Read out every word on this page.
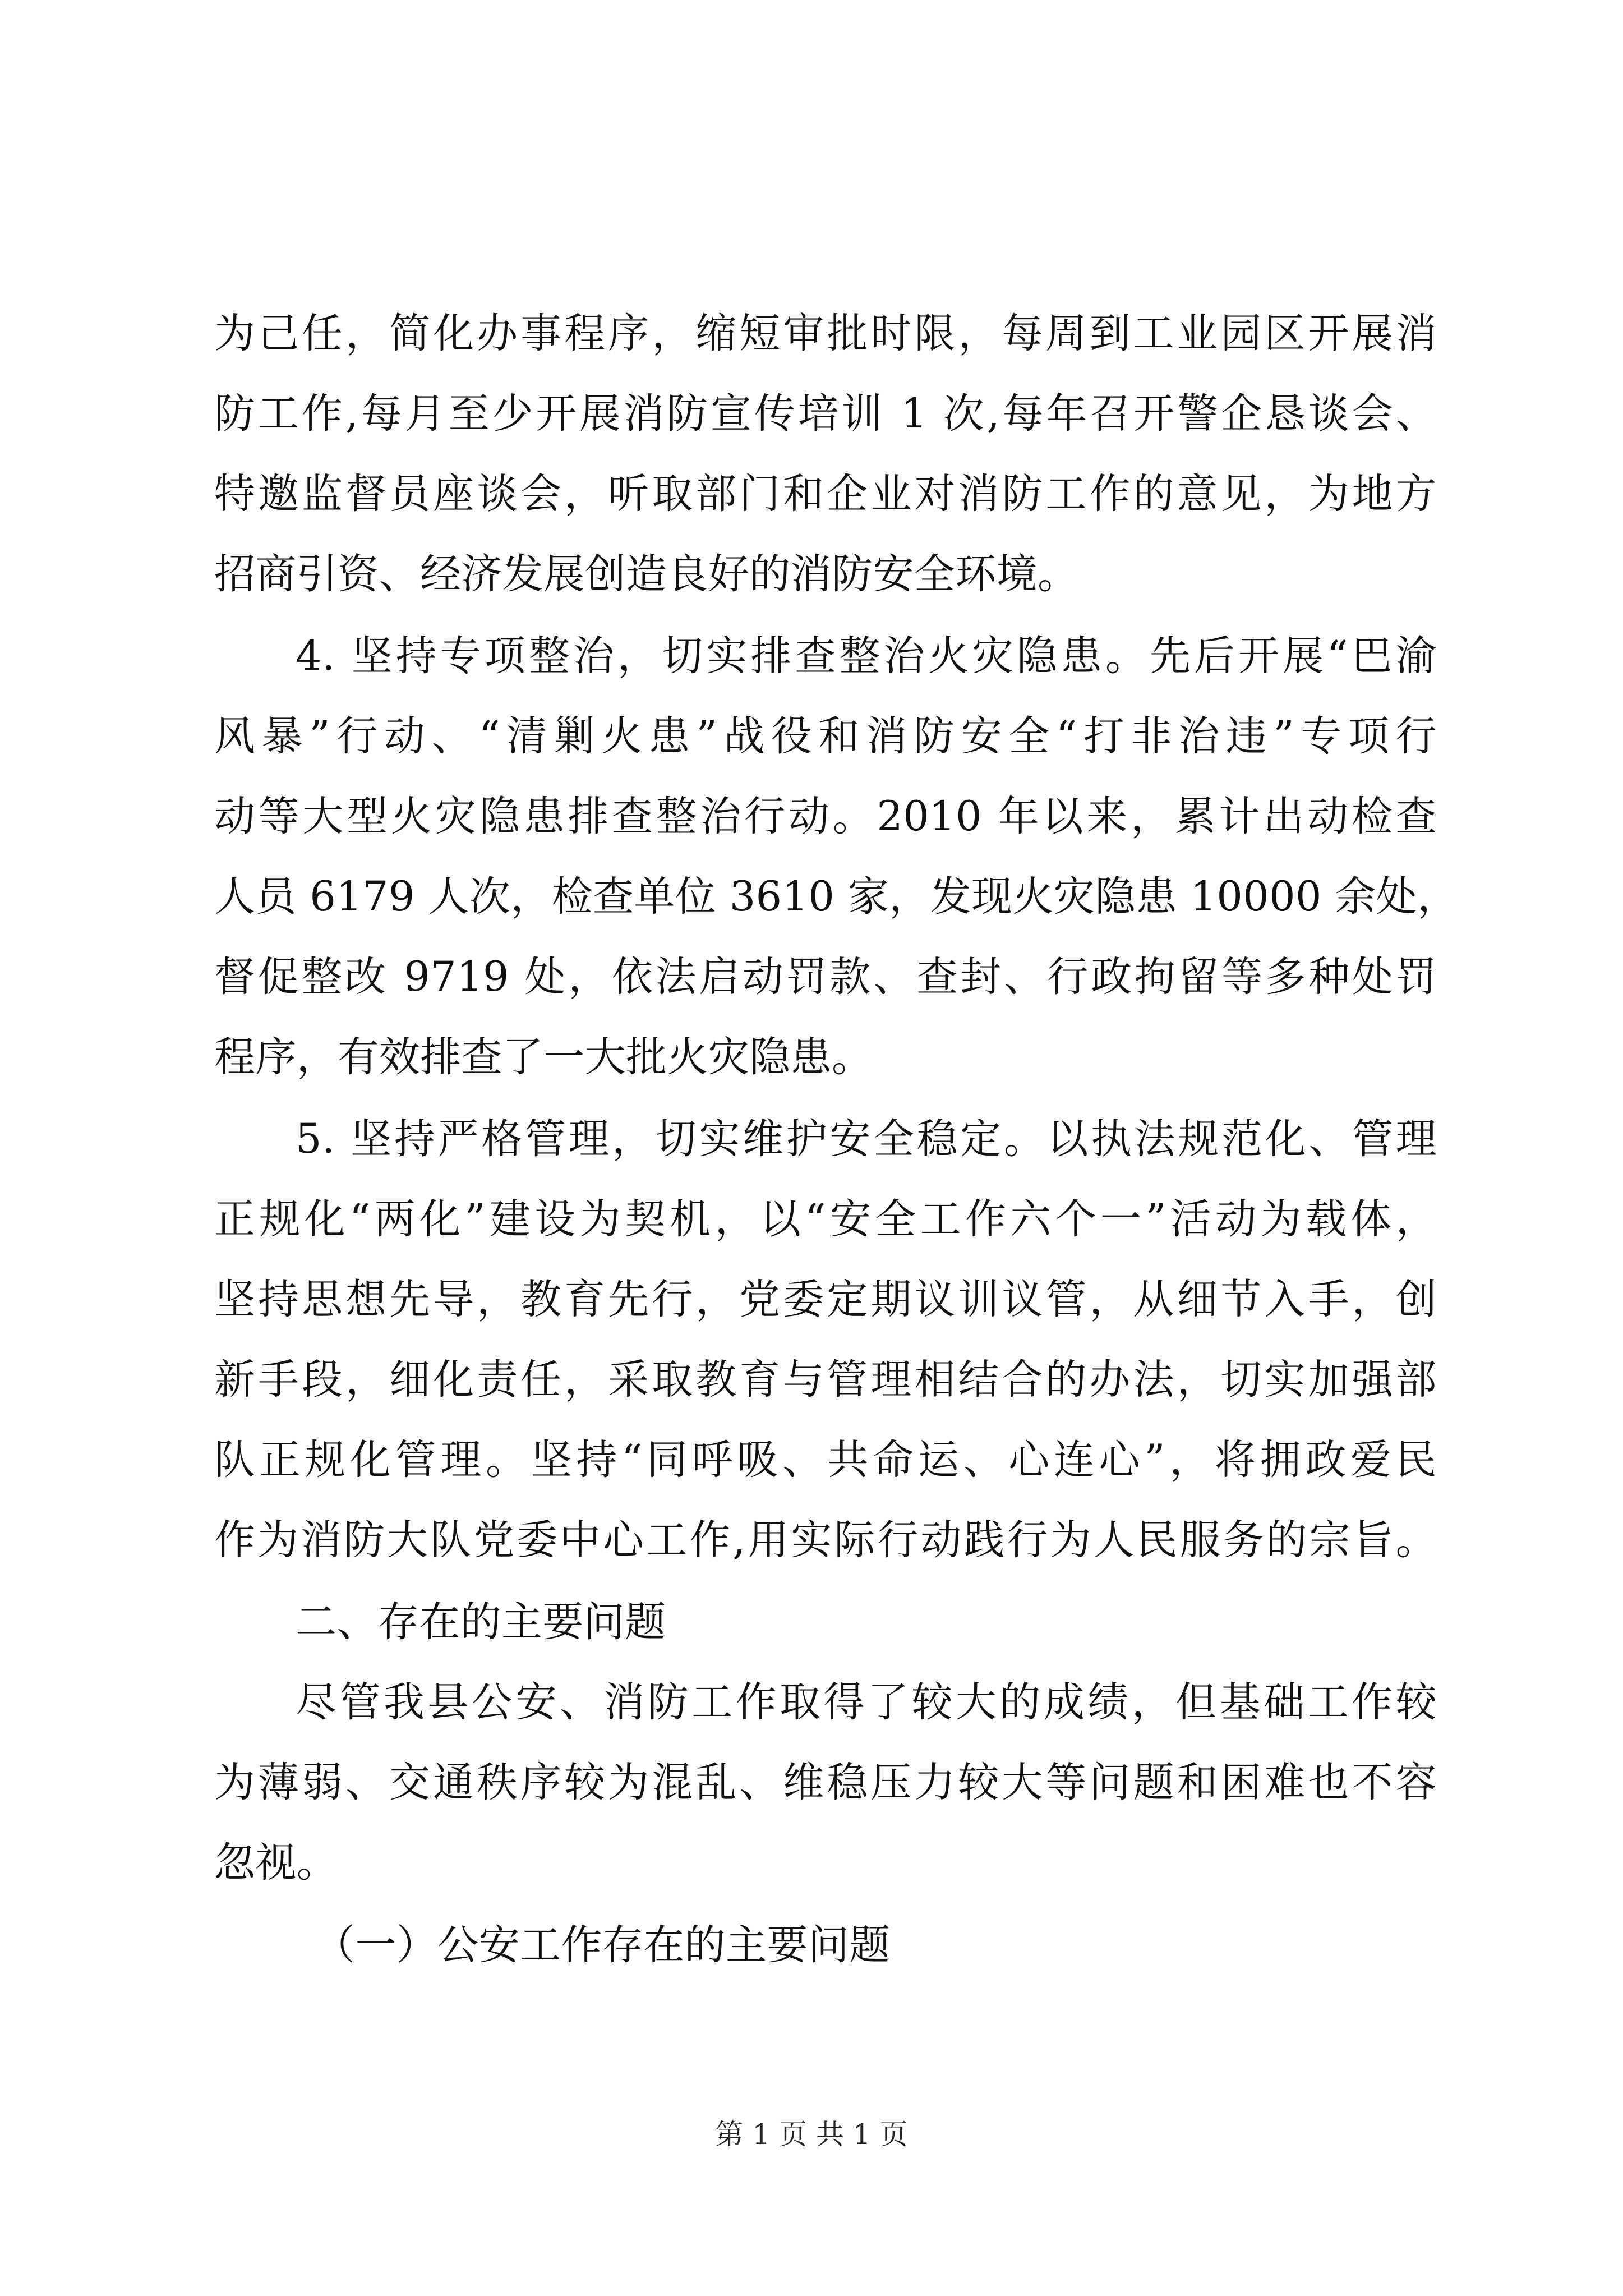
为己任，简化办事程序，缩短审批时限，每周到工业园区开展消
防工作,每月至少开展消防宣传培训 1 次,每年召开警企恳谈会、
特邀监督员座谈会，听取部门和企业对消防工作的意见，为地方
招商引资、经济发展创造良好的消防安全环境。
4. 坚持专项整治，切实排查整治火灾隐患。先后开展“巴渝
风暴”行动、“清剿火患”战役和消防安全“打非治违”专项行
动等大型火灾隐患排查整治行动。2010 年以来，累计出动检查
人员 6179 人次，检查单位 3610 家，发现火灾隐患 10000 余处，
督促整改 9719 处，依法启动罚款、查封、行政拘留等多种处罚
程序，有效排查了一大批火灾隐患。
5. 坚持严格管理，切实维护安全稳定。以执法规范化、管理
正规化“两化”建设为契机，以“安全工作六个一”活动为载体，
坚持思想先导，教育先行，党委定期议训议管，从细节入手，创
新手段，细化责任，采取教育与管理相结合的办法，切实加强部
队正规化管理。坚持“同呼吸、共命运、心连心”，将拥政爱民
作为消防大队党委中心工作,用实际行动践行为人民服务的宗旨。
二、存在的主要问题
尽管我县公安、消防工作取得了较大的成绩，但基础工作较
为薄弱、交通秩序较为混乱、维稳压力较大等问题和困难也不容
忽视。
（一）公安工作存在的主要问题
第 1 页 共 1 页
